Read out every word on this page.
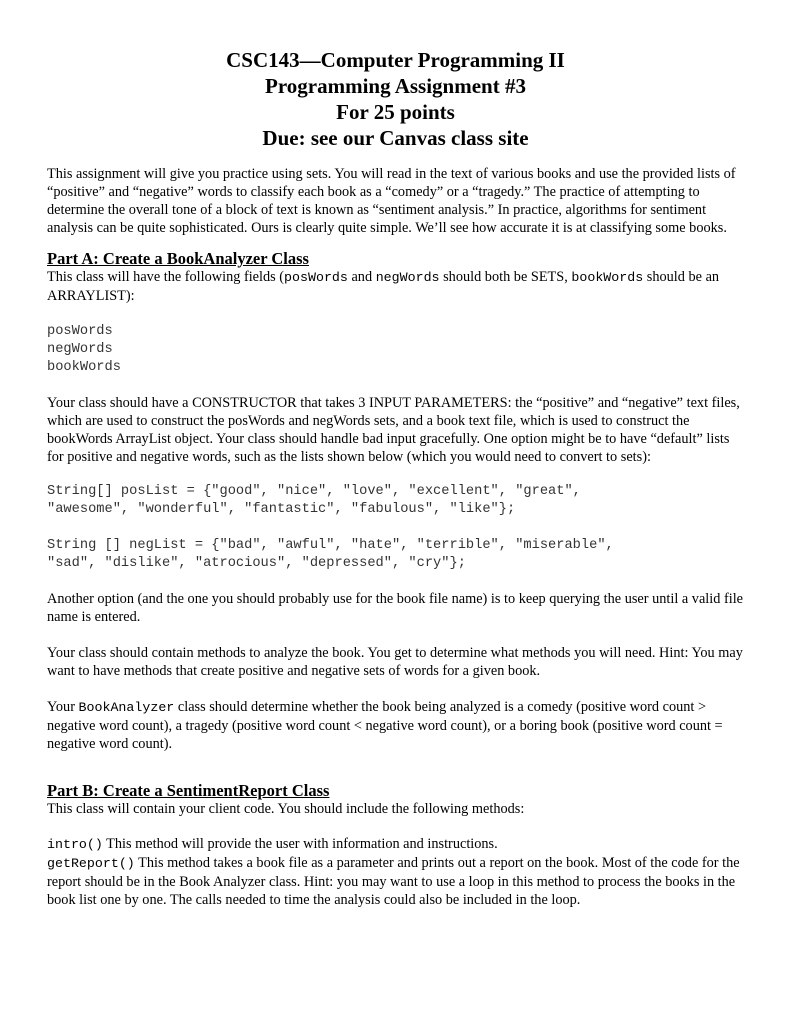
CSC143—Computer Programming II
Programming Assignment #3
For 25 points
Due: see our Canvas class site

This assignment will give you practice using sets. You will read in the text of various books and use the provided lists of “positive” and “negative” words to classify each book as a “comedy” or a “tragedy.” The practice of attempting to determine the overall tone of a block of text is known as “sentiment analysis.” In practice, algorithms for sentiment analysis can be quite sophisticated. Ours is clearly quite simple. We’ll see how accurate it is at classifying some books.

Part A: Create a BookAnalyzer Class

This class will have the following fields (posWords and negWords should both be SETS, bookWords should be an ARRAYLIST):

posWords
negWords
bookWords

Your class should have a CONSTRUCTOR that takes 3 INPUT PARAMETERS: the “positive” and “negative” text files, which are used to construct the posWords and negWords sets, and a book text file, which is used to construct the bookWords ArrayList object. Your class should handle bad input gracefully. One option might be to have “default” lists for positive and negative words, such as the lists shown below (which you would need to convert to sets):

String[] posList = {"good", "nice", "love", "excellent", "great",
"awesome", "wonderful", "fantastic", "fabulous", "like"};
String [] negList = {"bad", "awful", "hate", "terrible", "miserable",
"sad", "dislike", "atrocious", "depressed", "cry"};

Another option (and the one you should probably use for the book file name) is to keep querying the user until a valid file name is entered.

Your class should contain methods to analyze the book. You get to determine what methods you will need. Hint: You may want to have methods that create positive and negative sets of words for a given book.

Your BookAnalyzer class should determine whether the book being analyzed is a comedy (positive word count > negative word count), a tragedy (positive word count < negative word count), or a boring book (positive word count = negative word count).

Part B: Create a SentimentReport Class

This class will contain your client code. You should include the following methods:

intro() This method will provide the user with information and instructions.

getReport() This method takes a book file as a parameter and prints out a report on the book. Most of the code for the report should be in the Book Analyzer class. Hint: you may want to use a loop in this method to process the books in the book list one by one. The calls needed to time the analysis could also be included in the loop.
